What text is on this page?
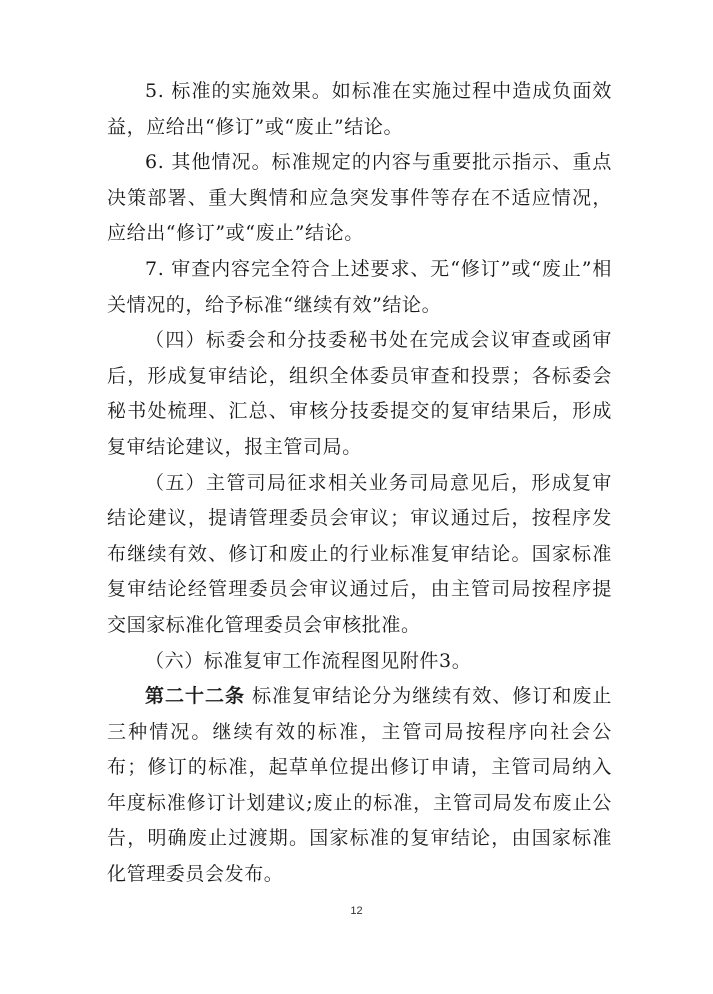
5. 标准的实施效果。如标准在实施过程中造成负面效益，应给出“修订”或“废止”结论。

6. 其他情况。标准规定的内容与重要批示指示、重点决策部署、重大舆情和应急突发事件等存在不适应情况，应给出“修订”或“废止”结论。

7. 审查内容完全符合上述要求、无“修订”或“废止”相关情况的，给予标准“继续有效”结论。

（四）标委会和分技委秘书处在完成会议审查或函审后，形成复审结论，组织全体委员审查和投票；各标委会秘书处梳理、汇总、审核分技委提交的复审结果后，形成复审结论建议，报主管司局。

（五）主管司局征求相关业务司局意见后，形成复审结论建议，提请管理委员会审议；审议通过后，按程序发布继续有效、修订和废止的行业标准复审结论。国家标准复审结论经管理委员会审议通过后，由主管司局按程序提交国家标准化管理委员会审核批准。

（六）标准复审工作流程图见附件3。

第二十二条 标准复审结论分为继续有效、修订和废止三种情况。继续有效的标准，主管司局按程序向社会公布；修订的标准，起草单位提出修订申请，主管司局纳入年度标准修订计划建议;废止的标准，主管司局发布废止公告，明确废止过渡期。国家标准的复审结论，由国家标准化管理委员会发布。

12
